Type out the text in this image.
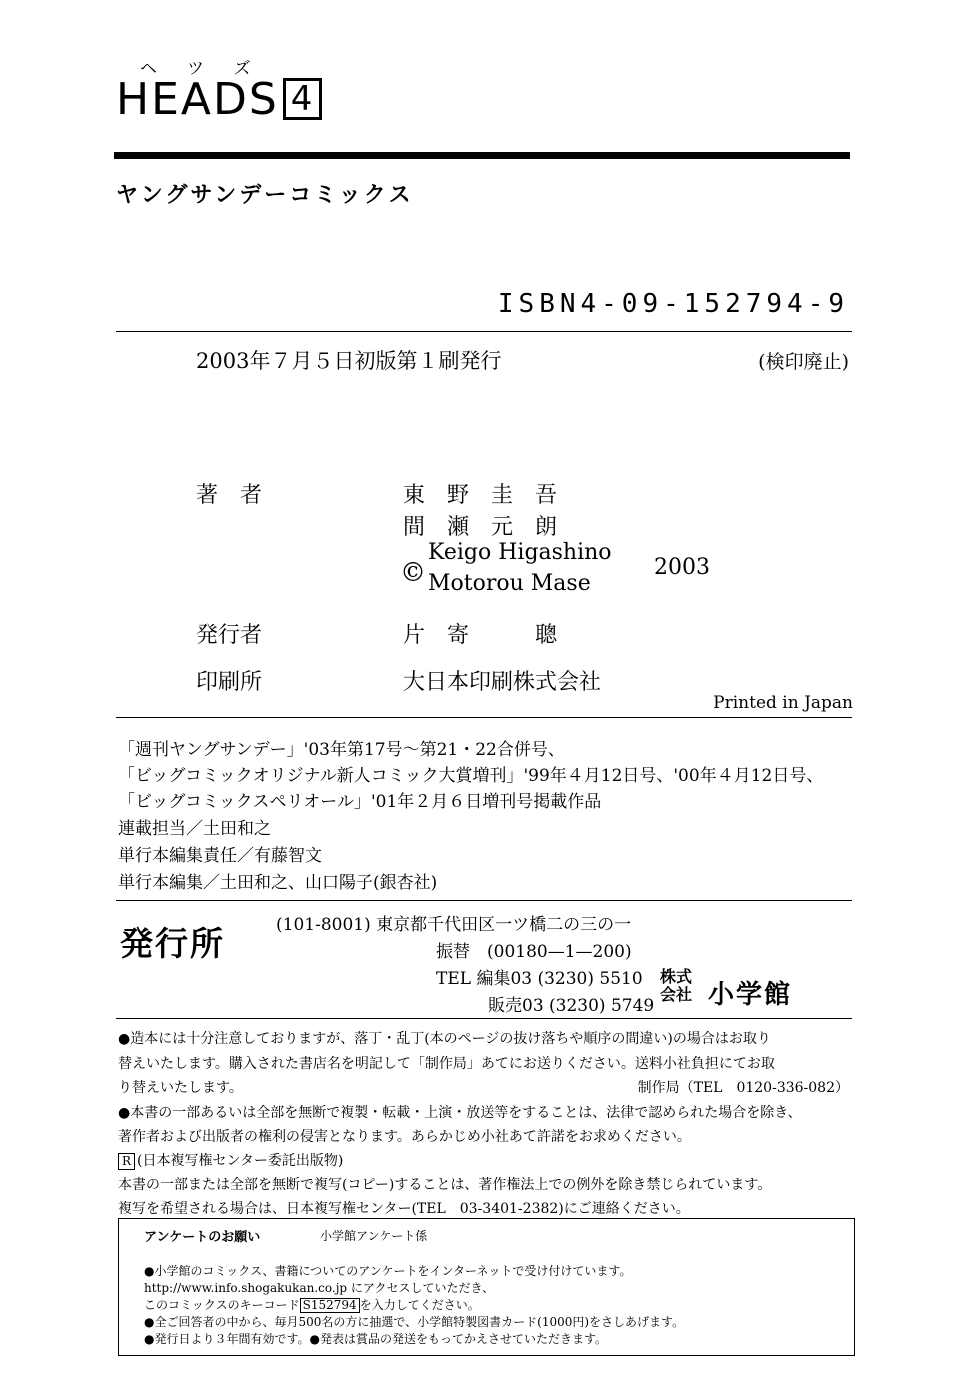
ヘツズ
HEADS 4
ヤングサンデーコミックス
ISBN4-09-152794-9
2003年７月５日初版第１刷発行	(検印廃止)
著　者	東　野　圭　吾
間　瀬　元　朗
©
Keigo Higashino
Motorou Mase
2003
発行者	片　寄　　　聰
印刷所	大日本印刷株式会社
Printed in Japan
「週刊ヤングサンデー」'03年第17号〜第21・22合併号、
「ビッグコミックオリジナル新人コミック大賞増刊」'99年４月12日号、'00年４月12日号、
「ビッグコミックスペリオール」'01年２月６日増刊号掲載作品
連載担当／土田和之
単行本編集責任／有藤智文
単行本編集／土田和之、山口陽子(銀杏社)
発行所	(101-8001) 東京都千代田区一ツ橋二の三の一
振替　(00180—1—200)
TEL 編集03 (3230) 5510
販売03 (3230) 5749
株式
会社 小学館
●造本には十分注意しておりますが、落丁・乱丁(本のページの抜け落ちや順序の間違い)の場合はお取り
替えいたします。購入された書店名を明記して「制作局」あてにお送りください。送料小社負担にてお取
り替えいたします。	制作局（TEL　0120-336-082）
●本書の一部あるいは全部を無断で複製・転載・上演・放送等をすることは、法律で認められた場合を除き、
著作者および出版者の権利の侵害となります。あらかじめ小社あて許諾をお求めください。
R (日本複写権センター委託出版物)
本書の一部または全部を無断で複写(コピー)することは、著作権法上での例外を除き禁じられています。
複写を希望される場合は、日本複写権センター(TEL　03-3401-2382)にご連絡ください。
アンケートのお願い	小学館アンケート係
●小学館のコミックス、書籍についてのアンケートをインターネットで受け付けています。
http://www.info.shogakukan.co.jp にアクセスしていただき、
このコミックスのキーコード S152794 を入力してください。
●全ご回答者の中から、毎月500名の方に抽選で、小学館特製図書カード(1000円)をさしあげます。
●発行日より３年間有効です。●発表は賞品の発送をもってかえさせていただきます。
